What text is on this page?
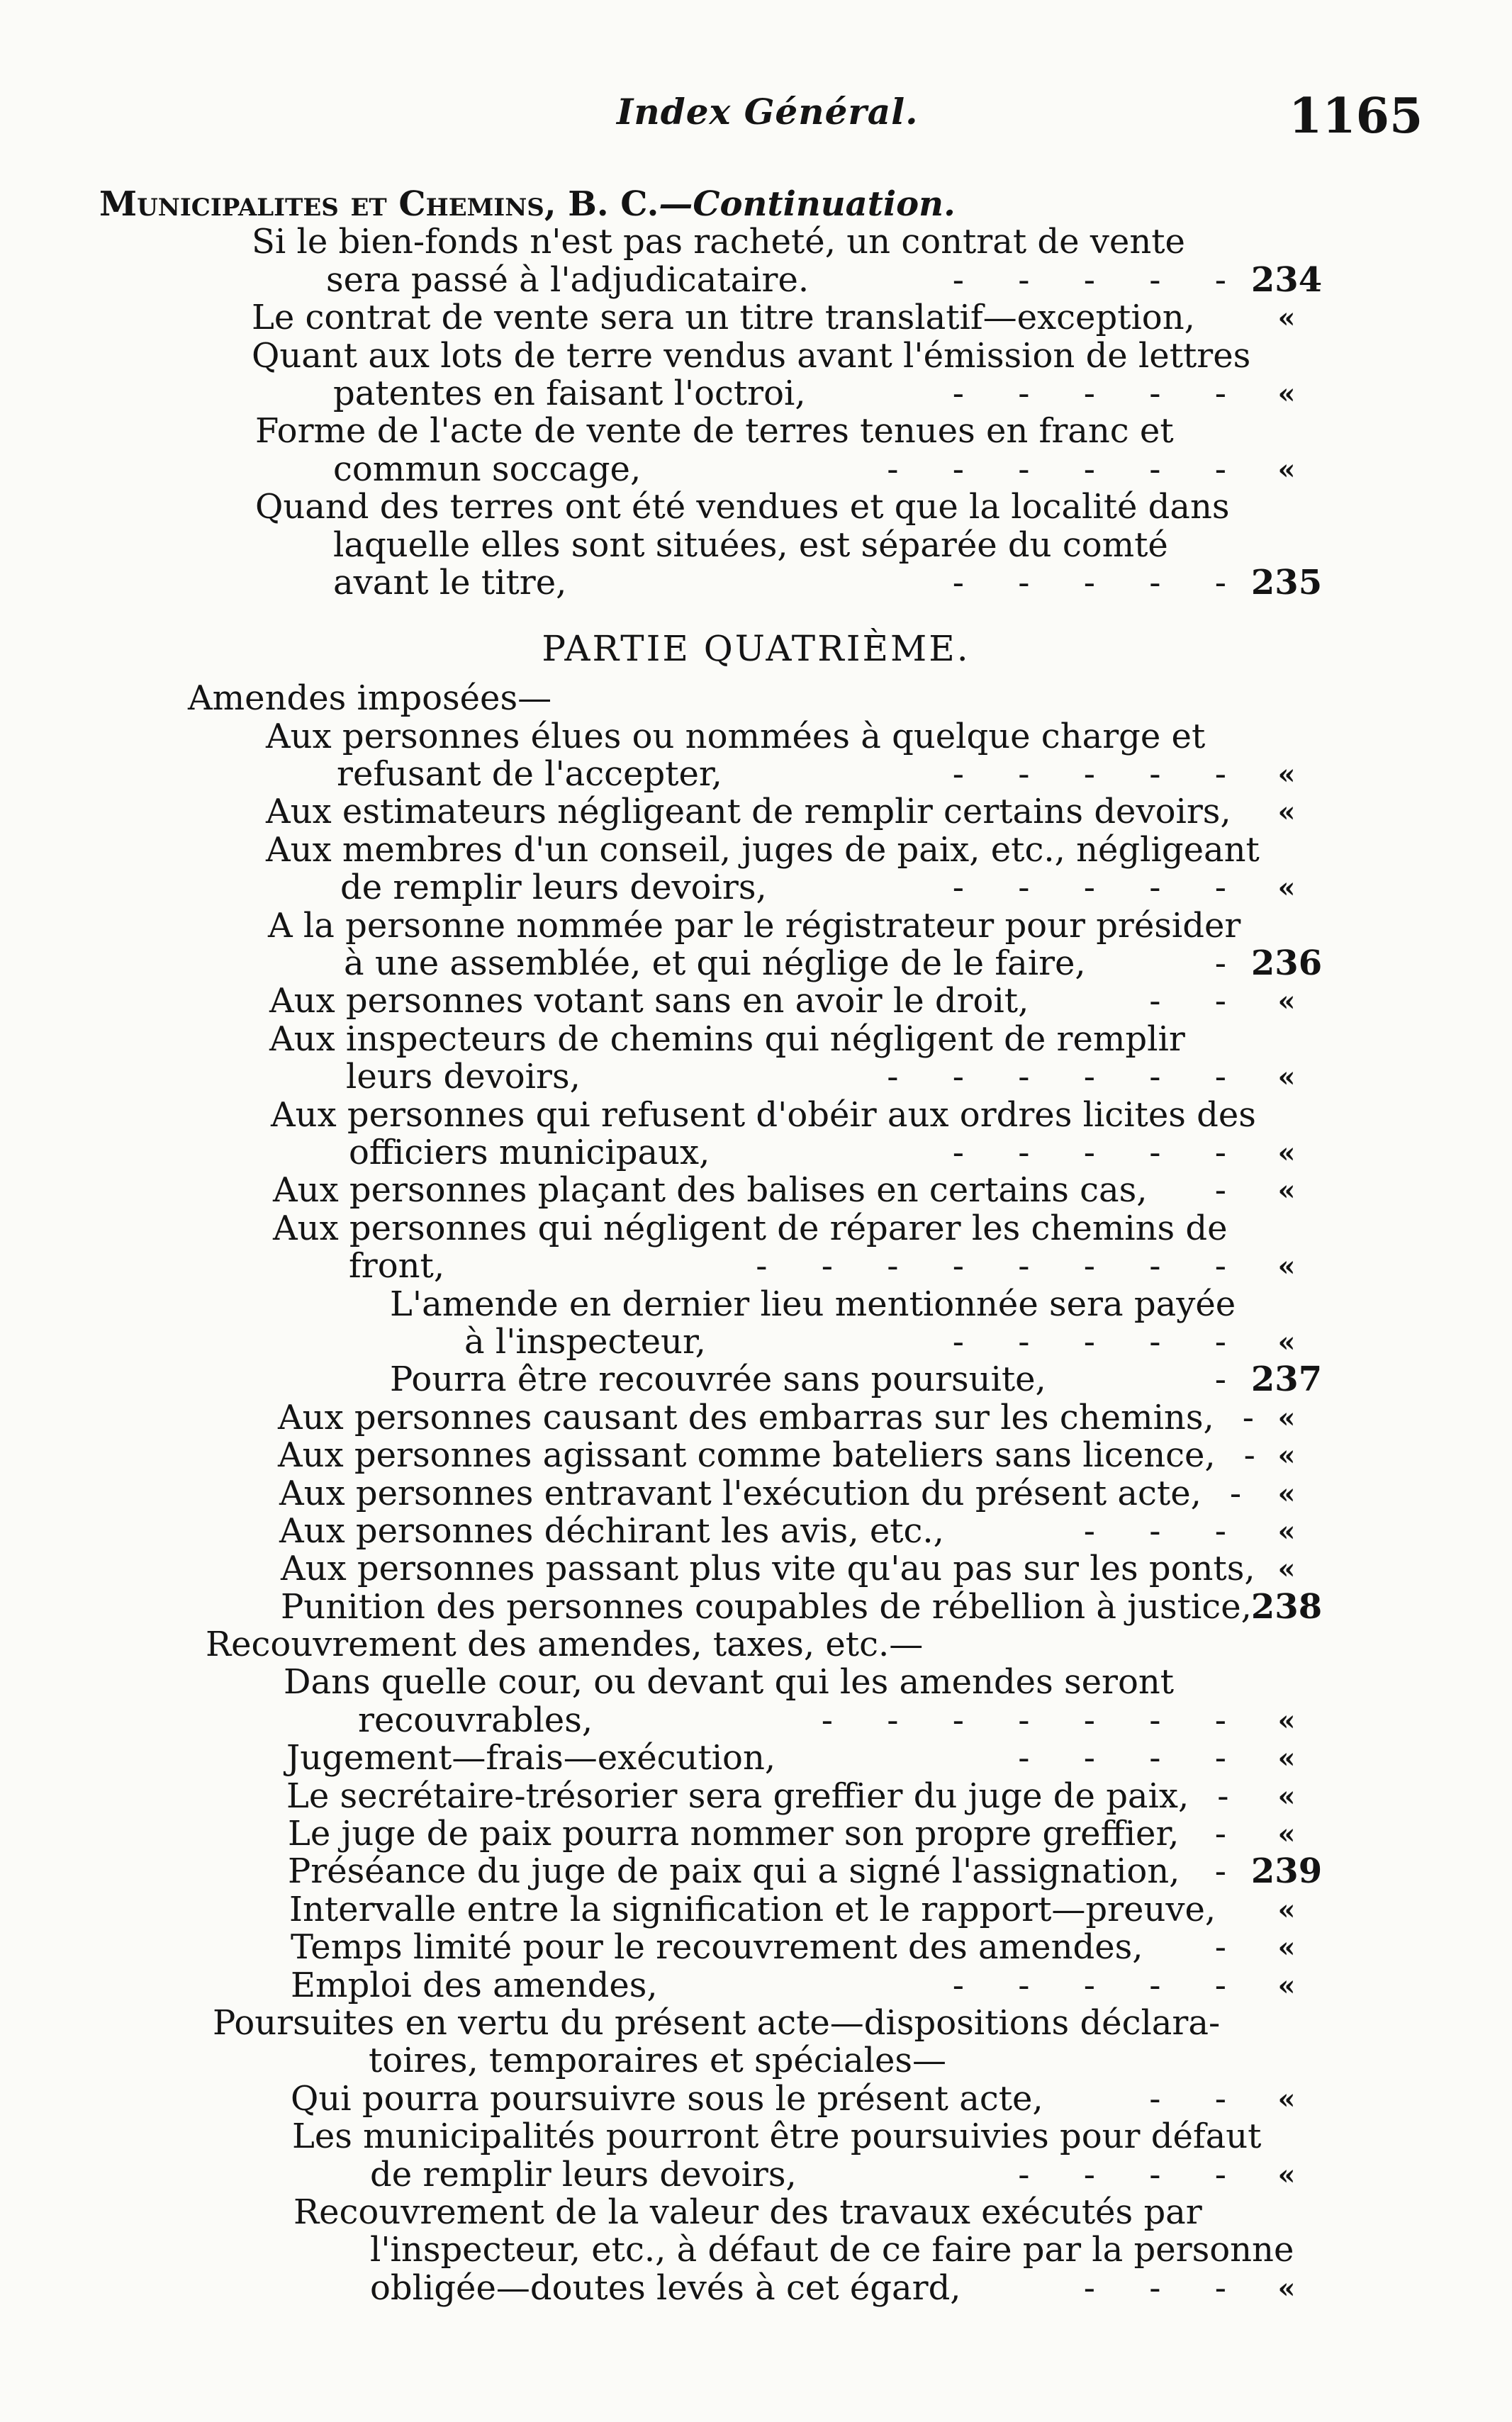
Index Général.	1165
Municipalites et Chemins, B. C.—Continuation.
Si le bien-fonds n'est pas racheté, un contrat de vente
sera passé à l'adjudicataire.	-     -     -     -     - 234
Le contrat de vente sera un titre translatif—exception,	«
Quant aux lots de terre vendus avant l'émission de lettres
patentes en faisant l'octroi,	-     -     -     -     -	«
Forme de l'acte de vente de terres tenues en franc et
commun soccage,	-     -     -     -     -     -	«
Quand des terres ont été vendues et que la localité dans
laquelle elles sont situées, est séparée du comté
avant le titre,	-     -     -     -     - 235
PARTIE QUATRIÈME.
Amendes imposées—
Aux personnes élues ou nommées à quelque charge et
refusant de l'accepter,	-     -     -     -     -	«
Aux estimateurs négligeant de remplir certains devoirs,	«
Aux membres d'un conseil, juges de paix, etc., négligeant
de remplir leurs devoirs,	-     -     -     -     -	«
A la personne nommée par le régistrateur pour présider
à une assemblée, et qui néglige de le faire,	- 236
Aux personnes votant sans en avoir le droit,	-     -	«
Aux inspecteurs de chemins qui négligent de remplir
leurs devoirs,	-     -     -     -     -     -	«
Aux personnes qui refusent d'obéir aux ordres licites des
officiers municipaux,	-     -     -     -     -	«
Aux personnes plaçant des balises en certains cas, -	«
Aux personnes qui négligent de réparer les chemins de
front,	-     -     -     -     -     -     -     -	«
L'amende en dernier lieu mentionnée sera payée
à l'inspecteur,	-     -     -     -     -	«
Pourra être recouvrée sans poursuite,	- 237
Aux personnes causant des embarras sur les chemins, - «
Aux personnes agissant comme bateliers sans licence, - «
Aux personnes entravant l'exécution du présent acte, -	«
Aux personnes déchirant les avis, etc.,	-     -     -	«
Aux personnes passant plus vite qu'au pas sur les ponts, «
Punition des personnes coupables de rébellion à justice, 238
Recouvrement des amendes, taxes, etc.—
Dans quelle cour, ou devant qui les amendes seront
recouvrables,	-     -     -     -     -     -     -	«
Jugement—frais—exécution,	-     -     -     -	«
Le secrétaire-trésorier sera greffier du juge de paix, -	«
Le juge de paix pourra nommer son propre greffier, -	«
Préséance du juge de paix qui a signé l'assignation, - 239
Intervalle entre la signification et le rapport—preuve,	«
Temps limité pour le recouvrement des amendes, -	«
Emploi des amendes,	-     -     -     -     -	«
Poursuites en vertu du présent acte—dispositions déclara-
toires, temporaires et spéciales—
Qui pourra poursuivre sous le présent acte,	-     -	«
Les municipalités pourront être poursuivies pour défaut
de remplir leurs devoirs,	-     -     -     -	«
Recouvrement de la valeur des travaux exécutés par
l'inspecteur, etc., à défaut de ce faire par la personne
obligée—doutes levés à cet égard,	-     -     -	«
